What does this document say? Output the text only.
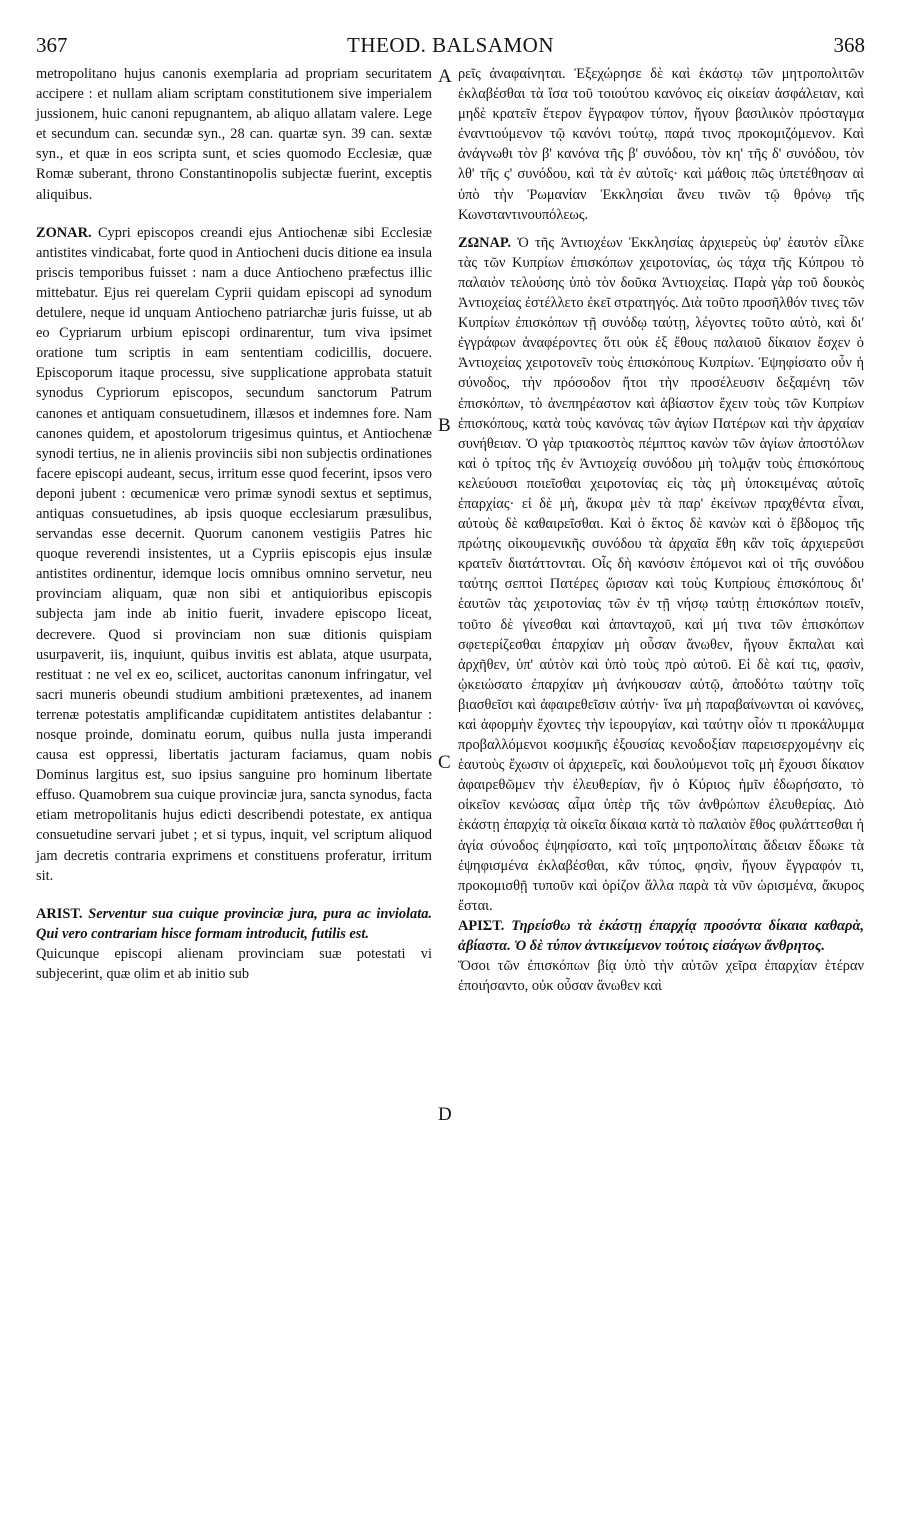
367	THEOD. BALSAMON	368

metropolitano hujus canonis exemplaria ad propriam securitatem accipere : et nullam aliam scriptam constitutionem sive imperialem jussionem, huic canoni repugnantem, ab aliquo allatam valere. Lege et secundum can. secundæ syn., 28 can. quartæ syn. 39 can. sextæ syn., et quæ in eos scripta sunt, et scies quomodo Ecclesiæ, quæ Romæ suberant, throno Constantinopolis subjectæ fuerint, exceptis aliquibus.

ZONAR. Cypri episcopos creandi ejus Antiochenæ sibi Ecclesiæ antistites vindicabat, forte quod in Antiocheni ducis ditione ea insula priscis temporibus fuisset : nam a duce Antiocheno præfectus illic mittebatur. Ejus rei querelam Cyprii quidam episcopi ad synodum detulere, neque id unquam Antiocheno patriarchæ juris fuisse, ut ab eo Cypriarum urbium episcopi ordinarentur, tum viva ipsimet oratione tum scriptis in eam sententiam codicillis, docuere. Episcoporum itaque processu, sive supplicatione approbata statuit synodus Cypriorum episcopos, secundum sanctorum Patrum canones et antiquam consuetudinem, illæsos et indemnes fore. Nam canones quidem, et apostolorum trigesimus quintus, et Antiochenæ synodi tertius, ne in alienis provinciis sibi non subjectis ordinationes facere episcopi audeant, secus, irritum esse quod fecerint, ipsos vero deponi jubent : œcumenicæ vero primæ synodi sextus et septimus, antiquas consuetudines, ab ipsis quoque ecclesiarum præsulibus, servandas esse decernit. Quorum canonem vestigiis Patres hic quoque reverendi insistentes, ut a Cypriis episcopis ejus insulæ antistites ordinentur, idemque locis omnibus omnino servetur, neu provinciam aliquam, quæ non sibi et antiquioribus episcopis subjecta jam inde ab initio fuerit, invadere episcopo liceat, decrevere. Quod si provinciam non suæ ditionis quispiam usurpaverit, iis, inquiunt, quibus invitis est ablata, atque usurpata, restituat : ne vel ex eo, scilicet, auctoritas canonum infringatur, vel sacri muneris obeundi studium ambitioni prætexentes, ad inanem terrenæ potestatis amplificandæ cupiditatem antistites delabantur : nosque proinde, dominatu eorum, quibus nulla justa imperandi causa est oppressi, libertatis jacturam faciamus, quam nobis Dominus largitus est, suo ipsius sanguine pro hominum libertate effuso. Quamobrem sua cuique provinciæ jura, sancta synodus, facta etiam metropolitanis hujus edicti describendi potestate, ex antiqua consuetudine servari jubet ; et si typus, inquit, vel scriptum aliquod jam decretis contraria exprimens et constituens proferatur, irritum sit.

ARIST. Serventur sua cuique provinciæ jura, pura ac inviolata. Qui vero contrariam hisce formam introducit, futilis est.

Quicunque episcopi alienam provinciam suæ potestati vi subjecerint, quæ olim et ab initio sub

A
B
C
D

ρεῖς ἀναφαίνηται. Ἐξεχώρησε δὲ καὶ ἑκάστῳ τῶν μητροπολιτῶν ἐκλαβέσθαι τὰ ἴσα τοῦ τοιούτου κανόνος εἰς οἰκείαν ἀσφάλειαν, καὶ μηδὲ κρατεῖν ἕτερον ἔγγραφον τύπον, ἤγουν βασιλικὸν πρόσταγμα ἐναντιούμενον τῷ κανόνι τούτῳ, παρά τινος προκομιζόμενον. Καὶ ἀνάγνωθι τὸν β' κανόνα τῆς β' συνόδου, τὸν κη' τῆς δ' συνόδου, τὸν λθ' τῆς ς' συνόδου, καὶ τὰ ἐν αὐτοῖς· καὶ μάθοις πῶς ὑπετέθησαν αἱ ὑπὸ τὴν Ῥωμανίαν Ἐκκλησίαι ἄνευ τινῶν τῷ θρόνῳ τῆς Κωνσταντινουπόλεως.

ΖΩΝΑΡ. Ὁ τῆς Ἀντιοχέων Ἐκκλησίας ἀρχιερεὺς ὑφ' ἑαυτὸν εἷλκε τὰς τῶν Κυπρίων ἐπισκόπων χειροτονίας, ὡς τάχα τῆς Κύπρου τὸ παλαιὸν τελούσης ὑπὸ τὸν δοῦκα Ἀντιοχείας. Παρὰ γὰρ τοῦ δουκὸς Ἀντιοχείας ἐστέλλετο ἐκεῖ στρατηγός. Διὰ τοῦτο προσῆλθόν τινες τῶν Κυπρίων ἐπισκόπων τῇ συνόδῳ ταύτῃ, λέγοντες τοῦτο αὐτὸ, καὶ δι' ἐγγράφων ἀναφέροντες ὅτι οὐκ ἐξ ἔθους παλαιοῦ δίκαιον ἔσχεν ὁ Ἀντιοχείας χειροτονεῖν τοὺς ἐπισκόπους Κυπρίων. Ἐψηφίσατο οὖν ἡ σύνοδος, τὴν πρόσοδον ἤτοι τὴν προσέλευσιν δεξαμένη τῶν ἐπισκόπων, τὸ ἀνεπηρέαστον καὶ ἀβίαστον ἔχειν τοὺς τῶν Κυπρίων ἐπισκόπους, κατὰ τοὺς κανόνας τῶν ἁγίων Πατέρων καὶ τὴν ἀρχαίαν συνήθειαν. Ὁ γὰρ τριακοστὸς πέμπτος κανὼν τῶν ἁγίων ἀποστόλων καὶ ὁ τρίτος τῆς ἐν Ἀντιοχείᾳ συνόδου μὴ τολμᾷν τοὺς ἐπισκόπους κελεύουσι ποιεῖσθαι χειροτονίας εἰς τὰς μὴ ὑποκειμένας αὐτοῖς ἐπαρχίας· εἰ δὲ μὴ, ἄκυρα μὲν τὰ παρ' ἐκείνων πραχθέντα εἶναι, αὐτοὺς δὲ καθαιρεῖσθαι. Καὶ ὁ ἕκτος δὲ κανὼν καὶ ὁ ἕβδομος τῆς πρώτης οἰκουμενικῆς συνόδου τὰ ἀρχαῖα ἔθη κἂν τοῖς ἀρχιερεῦσι κρατεῖν διατάττονται. Οἷς δὴ κανόσιν ἑπόμενοι καὶ οἱ τῆς συνόδου ταύτης σεπτοὶ Πατέρες ὥρισαν καὶ τοὺς Κυπρίους ἐπισκόπους δι' ἑαυτῶν τὰς χειροτονίας τῶν ἐν τῇ νήσῳ ταύτῃ ἐπισκόπων ποιεῖν, τοῦτο δὲ γίνεσθαι καὶ ἁπανταχοῦ, καὶ μή τινα τῶν ἐπισκόπων σφετερίζεσθαι ἐπαρχίαν μὴ οὖσαν ἄνωθεν, ἤγουν ἔκπαλαι καὶ ἀρχῆθεν, ὑπ' αὐτὸν καὶ ὑπὸ τοὺς πρὸ αὐτοῦ. Εἰ δὲ καί τις, φασὶν, ᾠκειώσατο ἐπαρχίαν μὴ ἀνήκουσαν αὐτῷ, ἀποδότω ταύτην τοῖς βιασθεῖσι καὶ ἀφαιρεθεῖσιν αὐτήν· ἵνα μὴ παραβαίνωνται οἱ κανόνες, καὶ ἀφορμὴν ἔχοντες τὴν ἱερουργίαν, καὶ ταύτην οἷόν τι προκάλυμμα προβαλλόμενοι κοσμικῆς ἐξουσίας κενοδοξίαν παρεισερχομένην εἰς ἑαυτοὺς ἔχωσιν οἱ ἀρχιερεῖς, καὶ δουλούμενοι τοῖς μὴ ἔχουσι δίκαιον ἀφαιρεθῶμεν τὴν ἐλευθερίαν, ἣν ὁ Κύριος ἡμῖν ἐδωρήσατο, τὸ οἰκεῖον κενώσας αἷμα ὑπὲρ τῆς τῶν ἀνθρώπων ἐλευθερίας. Διὸ ἑκάστῃ ἐπαρχίᾳ τὰ οἰκεῖα δίκαια κατὰ τὸ παλαιὸν ἔθος φυλάττεσθαι ἡ ἁγία σύνοδος ἐψηφίσατο, καὶ τοῖς μητροπολίταις ἄδειαν ἔδωκε τὰ ἐψηφισμένα ἐκλαβέσθαι, κἂν τύπος, φησὶν, ἤγουν ἔγγραφόν τι, προκομισθῇ τυποῦν καὶ ὁρίζον ἄλλα παρὰ τὰ νῦν ὡρισμένα, ἄκυρος ἔσται.

ΑΡΙΣΤ. Τηρείσθω τὰ ἑκάστῃ ἐπαρχίᾳ προσόντα δίκαια καθαρὰ, ἀβίαστα. Ὁ δὲ τύπον ἀντικείμενον τούτοις εἰσάγων ἄνθρητος.

Ὅσοι τῶν ἐπισκόπων βίᾳ ὑπὸ τὴν αὐτῶν χεῖρα ἐπαρχίαν ἑτέραν ἐποιήσαντο, οὐκ οὖσαν ἄνωθεν καὶ
